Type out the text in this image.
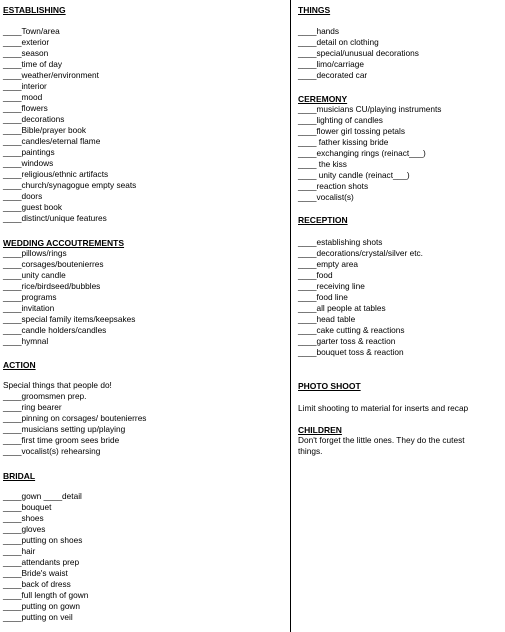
ESTABLISHING
____Town/area
____exterior
____season
____time of day
____weather/environment
____interior
____mood
____flowers
____decorations
____Bible/prayer book
____candles/eternal flame
____paintings
____windows
____religious/ethnic artifacts
____church/synagogue empty seats
____doors
____guest book
____distinct/unique features
WEDDING ACCOUTREMENTS
____pillows/rings
____corsages/boutenierres
____unity candle
____rice/birdseed/bubbles
____programs
____invitation
____special family items/keepsakes
____candle holders/candles
____hymnal
ACTION
Special things that people do!
____groomsmen prep.
____ring bearer
____pinning on corsages/ boutenierres
____musicians setting up/playing
____first time groom sees bride
____vocalist(s) rehearsing
BRIDAL
____gown ____detail
____bouquet
____shoes
____gloves
____putting on shoes
____hair
____attendants prep
____Bride's waist
____back of dress
____full length of gown
____putting on gown
____putting on veil
THINGS
____hands
____detail on clothing
____special/unusual decorations
____limo/carriage
____decorated car
CEREMONY
____musicians CU/playing instruments
____lighting of candles
____flower girl tossing petals
____ father kissing bride
____exchanging rings (reinact___)
____ the kiss
____ unity candle (reinact___)
____reaction shots
____vocalist(s)
RECEPTION
____establishing shots
____decorations/crystal/silver etc.
____empty area
____food
____receiving line
____food line
____all people at tables
____head table
____cake cutting & reactions
____garter toss & reaction
____bouquet toss & reaction
PHOTO SHOOT
Limit shooting to material for inserts and recap
CHILDREN
Don't forget the little ones. They do the cutest things.
